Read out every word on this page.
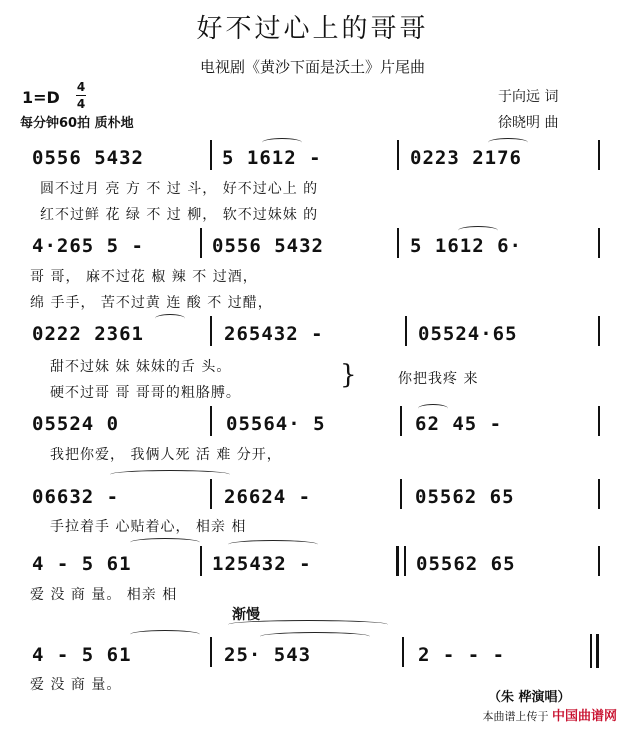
好不过心上的哥哥
电视剧《黄沙下面是沃土》片尾曲
1=D
4
4
每分钟60拍 质朴地
于向远 词
徐晓明 曲
0556 5432	5 1612 -	0223 2176
圆不过月 亮 方 不 过 斗， 好不过心上 的
红不过鲜 花 绿 不 过 柳， 软不过妹妹 的
4·265 5 -	0556 5432	5 1612 6·
哥 哥， 麻不过花 椒 辣 不 过酒，
绵 手手， 苦不过黄 连 酸 不 过醋，
0222 2361	265432 -	05524·65
甜不过妹 妹 妹妹的舌 头。
硬不过哥 哥 哥哥的粗胳膊。
}	你把我疼 来
05524 0	05564· 5	62 45 -
我把你爱， 我俩人死 活 难 分开，
06632 -	26624 -	05562 65
手拉着手 心贴着心， 相亲 相
4 - 5 61	125432 -	05562 65
爱 没 商 量。 相亲 相
渐慢
4 - 5 61	25· 543	2 - - -
爱 没 商 量。
（朱 桦演唱）
本曲谱上传于 中国曲谱网
